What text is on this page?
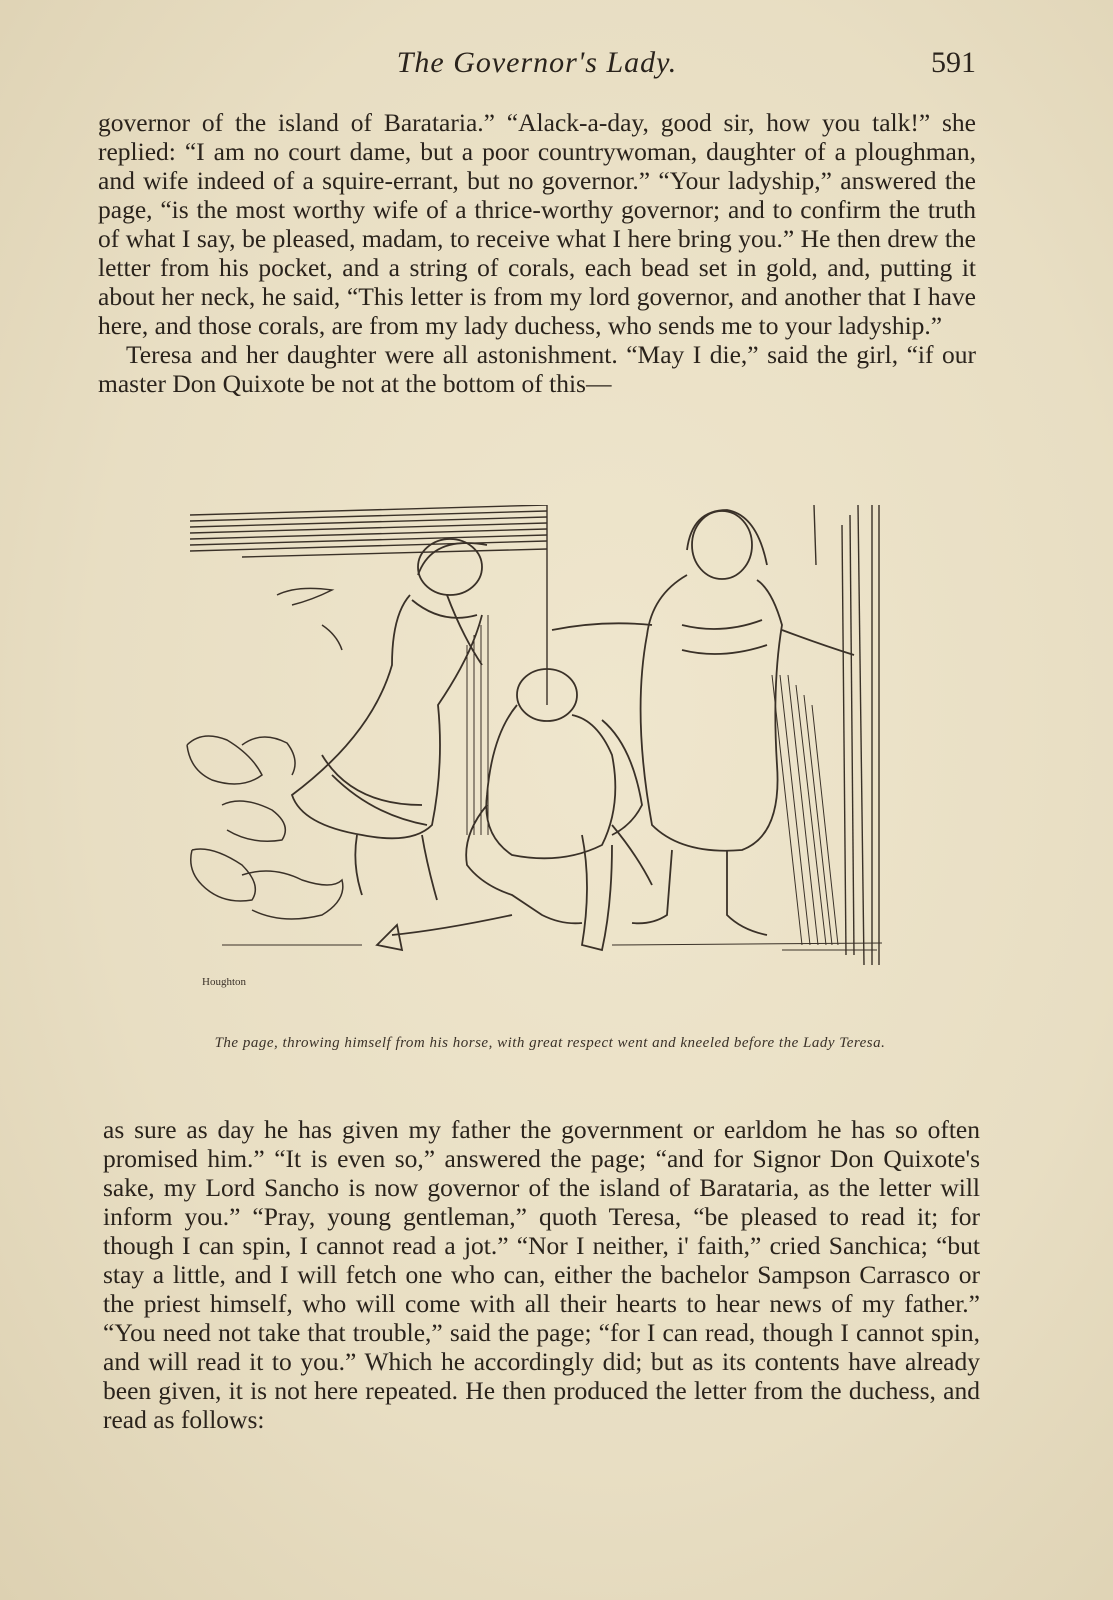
The Governor's Lady.	591

governor of the island of Barataria.” “Alack-a-day, good sir, how you talk!” she replied: “I am no court dame, but a poor countrywoman, daughter of a ploughman, and wife indeed of a squire-errant, but no governor.” “Your ladyship,” answered the page, “is the most worthy wife of a thrice-worthy governor; and to confirm the truth of what I say, be pleased, madam, to receive what I here bring you.” He then drew the letter from his pocket, and a string of corals, each bead set in gold, and, putting it about her neck, he said, “This letter is from my lord governor, and another that I have here, and those corals, are from my lady duchess, who sends me to your ladyship.”

Teresa and her daughter were all astonishment. “May I die,” said the girl, “if our master Don Quixote be not at the bottom of this—

Houghton
The page, throwing himself from his horse, with great respect went and kneeled before the Lady Teresa.

as sure as day he has given my father the government or earldom he has so often promised him.” “It is even so,” answered the page; “and for Signor Don Quixote's sake, my Lord Sancho is now governor of the island of Barataria, as the letter will inform you.” “Pray, young gentleman,” quoth Teresa, “be pleased to read it; for though I can spin, I cannot read a jot.” “Nor I neither, i' faith,” cried Sanchica; “but stay a little, and I will fetch one who can, either the bachelor Sampson Carrasco or the priest himself, who will come with all their hearts to hear news of my father.” “You need not take that trouble,” said the page; “for I can read, though I cannot spin, and will read it to you.” Which he accordingly did; but as its contents have already been given, it is not here repeated. He then produced the letter from the duchess, and read as follows:
